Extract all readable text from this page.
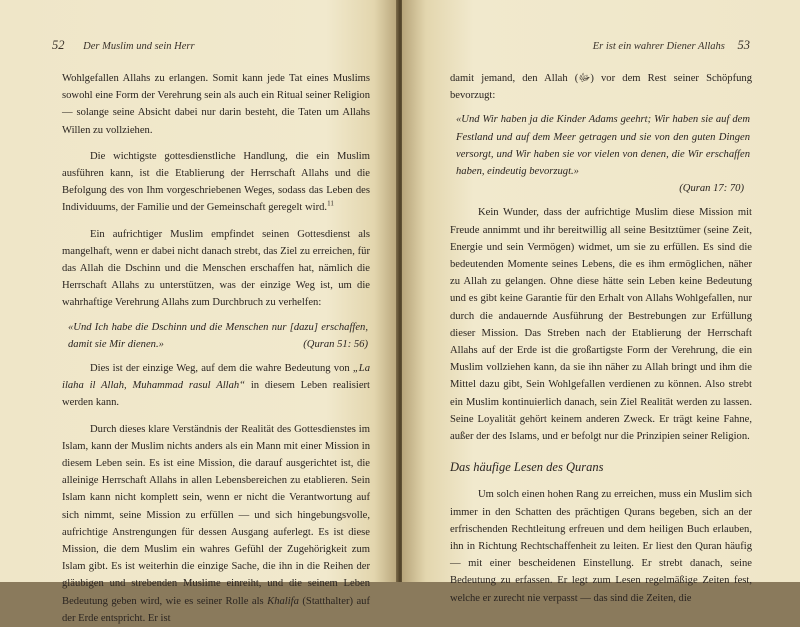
52 Der Muslim und sein Herr

Wohlgefallen Allahs zu erlangen. Somit kann jede Tat eines Muslims sowohl eine Form der Verehrung sein als auch ein Ritual seiner Religion — solange seine Absicht dabei nur darin besteht, die Taten um Allahs Willen zu vollziehen.

Die wichtigste gottesdienstliche Handlung, die ein Muslim ausführen kann, ist die Etablierung der Herrschaft Allahs und die Befolgung des von Ihm vorgeschriebenen Weges, sodass das Leben des Individuums, der Familie und der Gemeinschaft geregelt wird.$^{11}$

Ein aufrichtiger Muslim empfindet seinen Gottesdienst als mangelhaft, wenn er dabei nicht danach strebt, das Ziel zu erreichen, für das Allah die Dschinn und die Menschen erschaffen hat, nämlich die Herrschaft Allahs zu unterstützen, was der einzige Weg ist, um die wahrhaftige Verehrung Allahs zum Durchbruch zu verhelfen:

«Und Ich habe die Dschinn und die Menschen nur [dazu] erschaffen, damit sie Mir dienen.»	(Quran 51: 56)

Dies ist der einzige Weg, auf dem die wahre Bedeutung von „La ilaha il Allah, Muhammad rasul Allah“ in diesem Leben realisiert werden kann.

Durch dieses klare Verständnis der Realität des Gottesdienstes im Islam, kann der Muslim nichts anders als ein Mann mit einer Mission in diesem Leben sein. Es ist eine Mission, die darauf ausgerichtet ist, die alleinige Herrschaft Allahs in allen Lebensbereichen zu etablieren. Sein Islam kann nicht komplett sein, wenn er nicht die Verantwortung auf sich nimmt, seine Mission zu erfüllen — und sich hingebungsvolle, aufrichtige Anstrengungen für dessen Ausgang auferlegt. Es ist diese Mission, die dem Muslim ein wahres Gefühl der Zugehörigkeit zum Islam gibt. Es ist weiterhin die einzige Sache, die ihn in die Reihen der gläubigen und strebenden Muslime einreiht, und die seinem Leben Bedeutung geben wird, wie es seiner Rolle als Khalifa (Statthalter) auf der Erde entspricht. Er ist

Er ist ein wahrer Diener Allahs 53

damit jemand, den Allah (ﷻ) vor dem Rest seiner Schöpfung bevorzugt:

«Und Wir haben ja die Kinder Adams geehrt; Wir haben sie auf dem Festland und auf dem Meer getragen und sie von den guten Dingen versorgt, und Wir haben sie vor vielen von denen, die Wir erschaffen haben, eindeutig bevorzugt.»
(Quran 17: 70)

Kein Wunder, dass der aufrichtige Muslim diese Mission mit Freude annimmt und ihr bereitwillig all seine Besitztümer (seine Zeit, Energie und sein Vermögen) widmet, um sie zu erfüllen. Es sind die bedeutenden Momente seines Lebens, die es ihm ermöglichen, näher zu Allah zu gelangen. Ohne diese hätte sein Leben keine Bedeutung und es gibt keine Garantie für den Erhalt von Allahs Wohlgefallen, nur durch die andauernde Ausführung der Bestrebungen zur Erfüllung dieser Mission. Das Streben nach der Etablierung der Herrschaft Allahs auf der Erde ist die großartigste Form der Verehrung, die ein Muslim vollziehen kann, da sie ihn näher zu Allah bringt und ihm die Mittel dazu gibt, Sein Wohlgefallen verdienen zu können. Also strebt ein Muslim kontinuierlich danach, sein Ziel Realität werden zu lassen. Seine Loyalität gehört keinem anderen Zweck. Er trägt keine Fahne, außer der des Islams, und er befolgt nur die Prinzipien seiner Religion.

Das häufige Lesen des Qurans

Um solch einen hohen Rang zu erreichen, muss ein Muslim sich immer in den Schatten des prächtigen Qurans begeben, sich an der erfrischenden Rechtleitung erfreuen und dem heiligen Buch erlauben, ihn in Richtung Rechtschaffenheit zu leiten. Er liest den Quran häufig — mit einer bescheidenen Einstellung. Er strebt danach, seine Bedeutung zu erfassen. Er legt zum Lesen regelmäßige Zeiten fest, welche er zurecht nie verpasst — das sind die Zeiten, die
